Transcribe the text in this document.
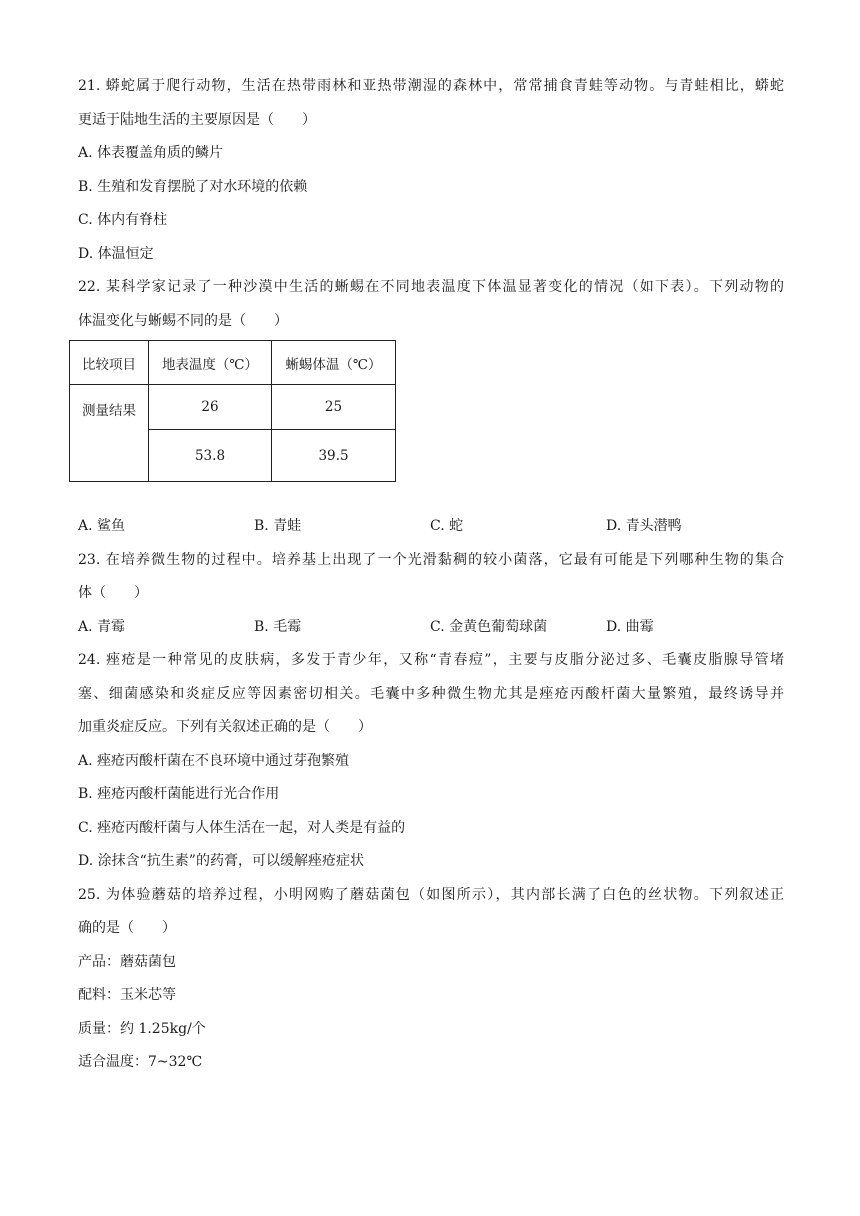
21. 蟒蛇属于爬行动物，生活在热带雨林和亚热带潮湿的森林中，常常捕食青蛙等动物。与青蛙相比，蟒蛇
更适于陆地生活的主要原因是（　　）
A. 体表覆盖角质的鳞片
B. 生殖和发育摆脱了对水环境的依赖
C. 体内有脊柱
D. 体温恒定
22. 某科学家记录了一种沙漠中生活的蜥蜴在不同地表温度下体温显著变化的情况（如下表）。下列动物的
体温变化与蜥蜴不同的是（　　）
比较项目	地表温度（℃）	蜥蜴体温（℃）
测量结果	26	25
	53.8	39.5
A. 鲨鱼	B. 青蛙	C. 蛇	D. 青头潜鸭
23. 在培养微生物的过程中。培养基上出现了一个光滑黏稠的较小菌落，它最有可能是下列哪种生物的集合
体（　　）
A. 青霉	B. 毛霉	C. 金黄色葡萄球菌	D. 曲霉
24. 痤疮是一种常见的皮肤病，多发于青少年，又称“青春痘”，主要与皮脂分泌过多、毛囊皮脂腺导管堵
塞、细菌感染和炎症反应等因素密切相关。毛囊中多种微生物尤其是痤疮丙酸杆菌大量繁殖，最终诱导并
加重炎症反应。下列有关叙述正确的是（　　）
A. 痤疮丙酸杆菌在不良环境中通过芽孢繁殖
B. 痤疮丙酸杆菌能进行光合作用
C. 痤疮丙酸杆菌与人体生活在一起，对人类是有益的
D. 涂抹含“抗生素”的药膏，可以缓解痤疮症状
25. 为体验蘑菇的培养过程，小明网购了蘑菇菌包（如图所示），其内部长满了白色的丝状物。下列叙述正
确的是（　　）
产品：蘑菇菌包
配料：玉米芯等
质量：约 1.25kg/个
适合温度：7~32℃
